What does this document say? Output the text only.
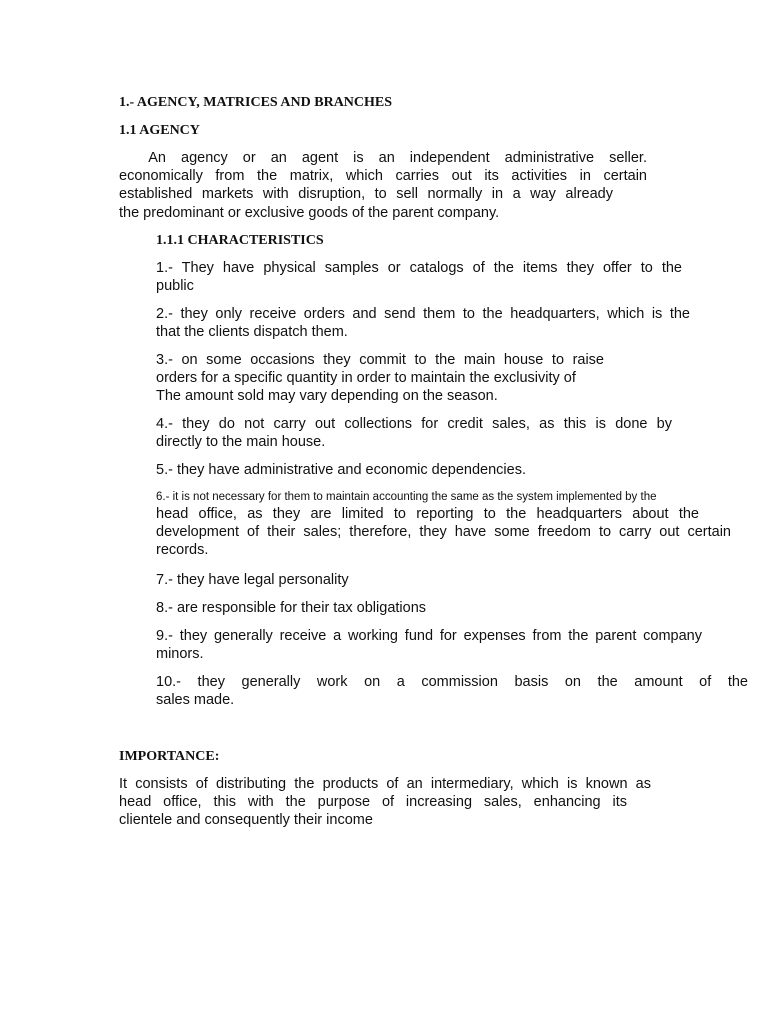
1.- AGENCY, MATRICES AND BRANCHES
1.1 AGENCY
An agency or an agent is an independent administrative seller.
economically from the matrix, which carries out its activities in certain
established markets with disruption, to sell normally in a way already
the predominant or exclusive goods of the parent company.
1.1.1 CHARACTERISTICS
1.- They have physical samples or catalogs of the items they offer to the
public
2.- they only receive orders and send them to the headquarters, which is the
that the clients dispatch them.
3.- on some occasions they commit to the main house to raise
orders for a specific quantity in order to maintain the exclusivity of
The amount sold may vary depending on the season.
4.- they do not carry out collections for credit sales, as this is done by
directly to the main house.
5.- they have administrative and economic dependencies.
6.- it is not necessary for them to maintain accounting the same as the system implemented by the
head office, as they are limited to reporting to the headquarters about the
development of their sales; therefore, they have some freedom to carry out certain
records.
7.- they have legal personality
8.- are responsible for their tax obligations
9.- they generally receive a working fund for expenses from the parent company
minors.
10.- they generally work on a commission basis on the amount of the
sales made.
IMPORTANCE:
It consists of distributing the products of an intermediary, which is known as
head office, this with the purpose of increasing sales, enhancing its
clientele and consequently their income
